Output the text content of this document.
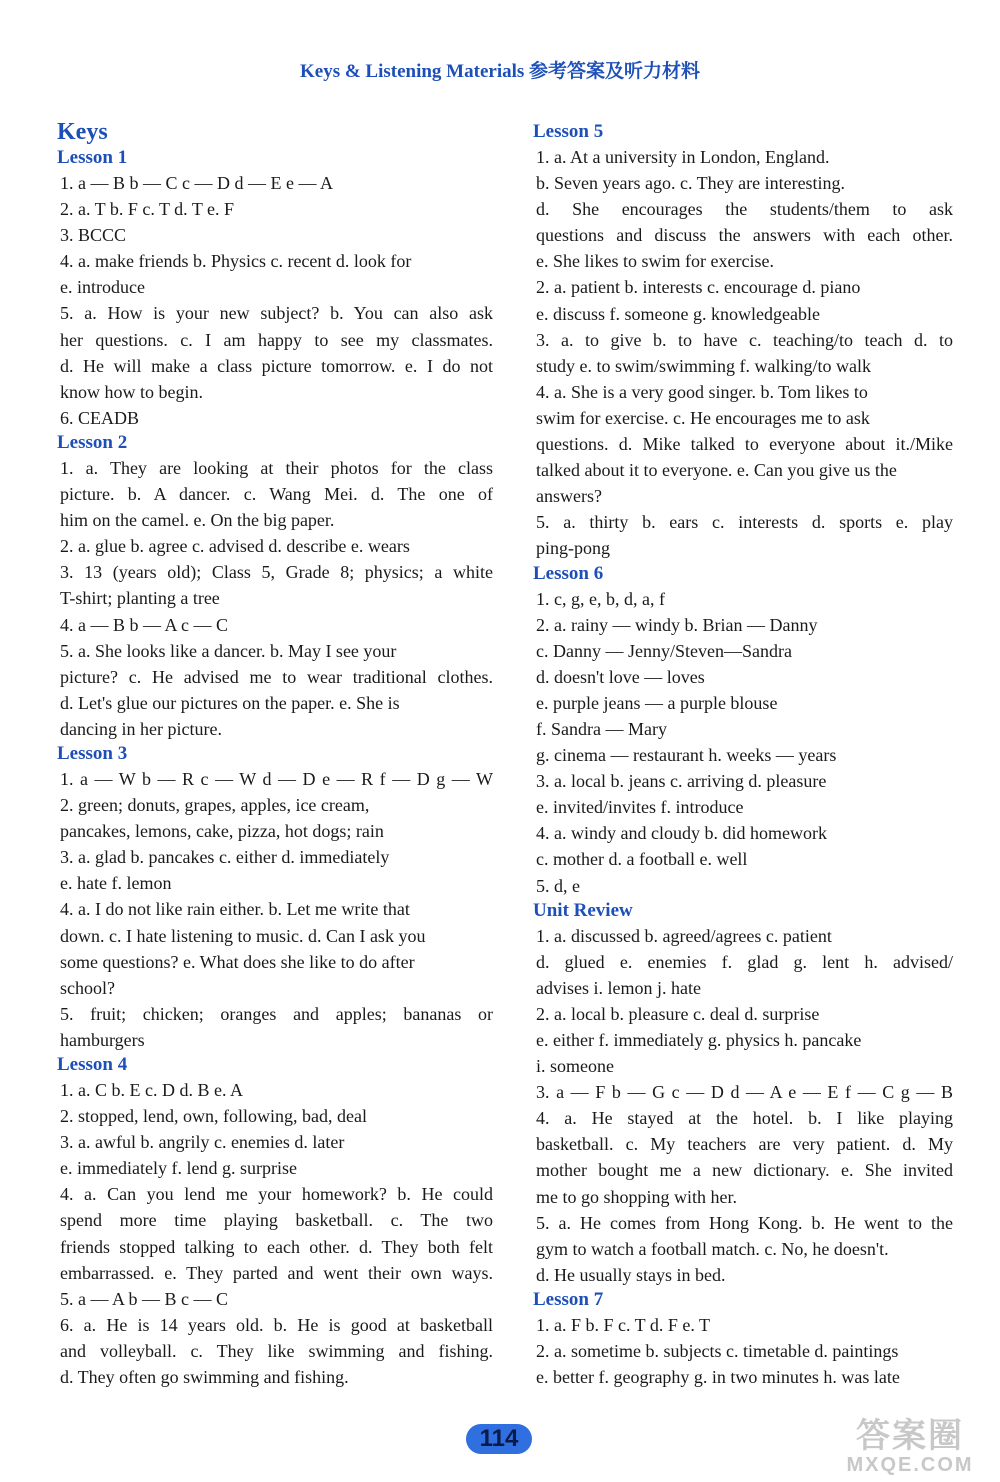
Keys & Listening Materials 参考答案及听力材料
Keys
Lesson 1
1. a — B b — C c — D d — E e — A
2. a. T b. F c. T d. T e. F
3. BCCC
4. a. make friends b. Physics c. recent d. look for
e. introduce
5. a. How is your new subject? b. You can also ask
her questions. c. I am happy to see my classmates.
d. He will make a class picture tomorrow. e. I do not
know how to begin.
6. CEADB
Lesson 2
1. a. They are looking at their photos for the class
picture. b. A dancer. c. Wang Mei. d. The one of
him on the camel. e. On the big paper.
2. a. glue b. agree c. advised d. describe e. wears
3. 13 (years old); Class 5, Grade 8; physics; a white
T-shirt; planting a tree
4. a — B b — A c — C
5. a. She looks like a dancer. b. May I see your
picture? c. He advised me to wear traditional clothes.
d. Let's glue our pictures on the paper. e. She is
dancing in her picture.
Lesson 3
1. a — W b — R c — W d — D e — R f — D g — W
2. green; donuts, grapes, apples, ice cream,
pancakes, lemons, cake, pizza, hot dogs; rain
3. a. glad b. pancakes c. either d. immediately
e. hate f. lemon
4. a. I do not like rain either. b. Let me write that
down. c. I hate listening to music. d. Can I ask you
some questions? e. What does she like to do after
school?
5. fruit; chicken; oranges and apples; bananas or
hamburgers
Lesson 4
1. a. C b. E c. D d. B e. A
2. stopped, lend, own, following, bad, deal
3. a. awful b. angrily c. enemies d. later
e. immediately f. lend g. surprise
4. a. Can you lend me your homework? b. He could
spend more time playing basketball. c. The two
friends stopped talking to each other. d. They both felt
embarrassed. e. They parted and went their own ways.
5. a — A b — B c — C
6. a. He is 14 years old. b. He is good at basketball
and volleyball. c. They like swimming and fishing.
d. They often go swimming and fishing.
Lesson 5
1. a. At a university in London, England.
b. Seven years ago. c. They are interesting.
d. She encourages the students/them to ask
questions and discuss the answers with each other.
e. She likes to swim for exercise.
2. a. patient b. interests c. encourage d. piano
e. discuss f. someone g. knowledgeable
3. a. to give b. to have c. teaching/to teach d. to
study e. to swim/swimming f. walking/to walk
4. a. She is a very good singer. b. Tom likes to
swim for exercise. c. He encourages me to ask
questions. d. Mike talked to everyone about it./Mike
talked about it to everyone. e. Can you give us the
answers?
5. a. thirty b. ears c. interests d. sports e. play
ping-pong
Lesson 6
1. c, g, e, b, d, a, f
2. a. rainy — windy b. Brian — Danny
c. Danny — Jenny/Steven—Sandra
d. doesn't love — loves
e. purple jeans — a purple blouse
f. Sandra — Mary
g. cinema — restaurant h. weeks — years
3. a. local b. jeans c. arriving d. pleasure
e. invited/invites f. introduce
4. a. windy and cloudy b. did homework
c. mother d. a football e. well
5. d, e
Unit Review
1. a. discussed b. agreed/agrees c. patient
d. glued e. enemies f. glad g. lent h. advised/
advises i. lemon j. hate
2. a. local b. pleasure c. deal d. surprise
e. either f. immediately g. physics h. pancake
i. someone
3. a — F b — G c — D d — A e — E f — C g — B
4. a. He stayed at the hotel. b. I like playing
basketball. c. My teachers are very patient. d. My
mother bought me a new dictionary. e. She invited
me to go shopping with her.
5. a. He comes from Hong Kong. b. He went to the
gym to watch a football match. c. No, he doesn't.
d. He usually stays in bed.
Lesson 7
1. a. F b. F c. T d. F e. T
2. a. sometime b. subjects c. timetable d. paintings
e. better f. geography g. in two minutes h. was late
114	答案圈
MXQE.COM
